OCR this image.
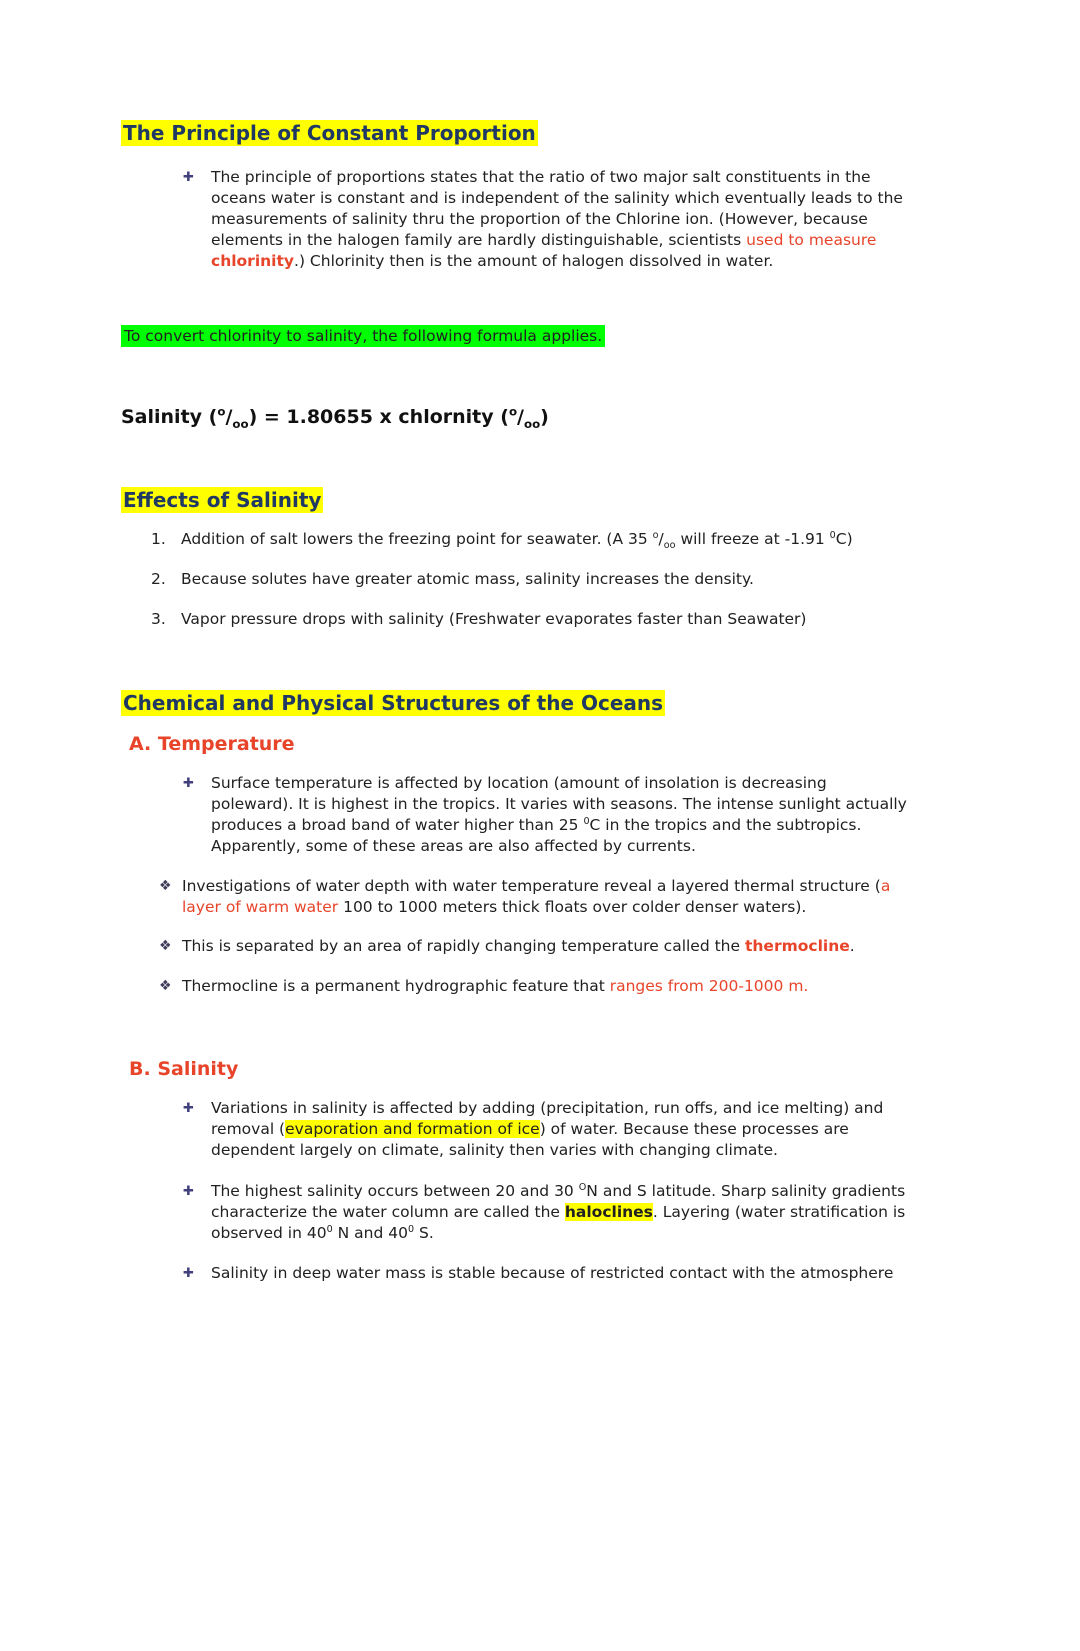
The Principle of Constant Proportion
✚	The principle of proportions states that the ratio of two major salt constituents in the oceans water is constant and is independent of the salinity which eventually leads to the measurements of salinity thru the proportion of the Chlorine ion. (However, because elements in the halogen family are hardly distinguishable, scientists used to measure chlorinity.) Chlorinity then is the amount of halogen dissolved in water.

To convert chlorinity to salinity, the following formula applies.

Salinity $(^o/_{oo}) = 1.80655$ x chlornity $(^o/_{oo})$

Effects of Salinity
1. Addition of salt lowers the freezing point for seawater. (A 35 $^o/_{oo}$ will freeze at -1.91 $^0$C)

2. Because solutes have greater atomic mass, salinity increases the density.

3. Vapor pressure drops with salinity (Freshwater evaporates faster than Seawater)

Chemical and Physical Structures of the Oceans
A. Temperature
✚	Surface temperature is affected by location (amount of insolation is decreasing poleward). It is highest in the tropics. It varies with seasons. The intense sunlight actually produces a broad band of water higher than 25 $^0$C in the tropics and the subtropics. Apparently, some of these areas are also affected by currents.

❖ Investigations of water depth with water temperature reveal a layered thermal structure (a layer of warm water 100 to 1000 meters thick floats over colder denser waters).

❖ This is separated by an area of rapidly changing temperature called the thermocline.

❖ Thermocline is a permanent hydrographic feature that ranges from 200-1000 m.

B. Salinity
✚	Variations in salinity is affected by adding (precipitation, run offs, and ice melting) and removal (evaporation and formation of ice) of water. Because these processes are dependent largely on climate, salinity then varies with changing climate.

✚	The highest salinity occurs between 20 and 30 $^O$N and S latitude. Sharp salinity gradients characterize the water column are called the haloclines. Layering (water stratification is observed in $40^0$ N and $40^0$ S.

✚	Salinity in deep water mass is stable because of restricted contact with the atmosphere
